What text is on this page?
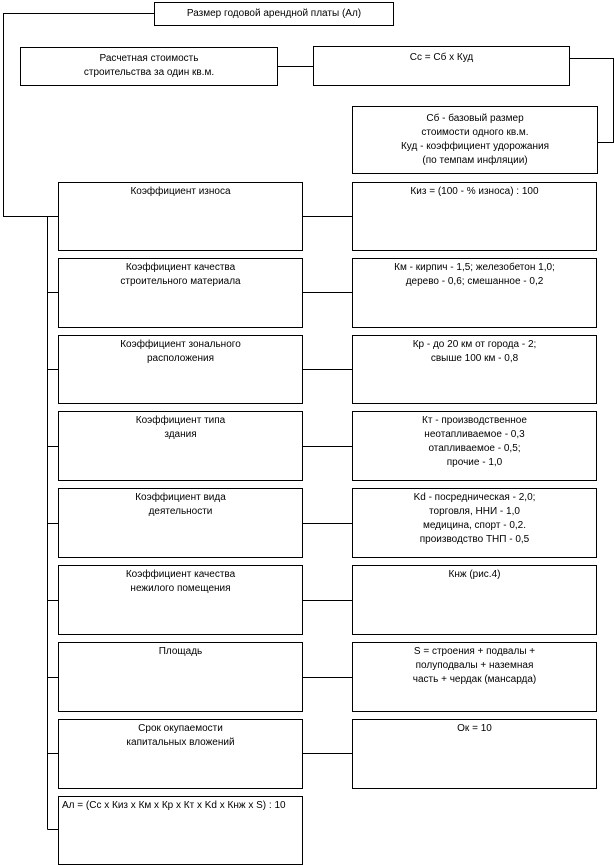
Размер годовой арендной платы (Ал)
Расчетная стоимость
строительства за один кв.м.
Сс = Сб х Куд
Сб - базовый размер
стоимости одного кв.м.
Куд - коэффициент удорожания
(по темпам инфляции)
Коэффициент износа	Киз = (100 - % износа) : 100
Коэффициент качества
строительного материала
Км - кирпич - 1,5; железобетон 1,0;
дерево - 0,6; смешанное - 0,2
Коэффициент зонального
расположения
Кр - до 20 км от города - 2;
свыше 100 км - 0,8
Коэффициент типа
здания
Кт - производственное
неотапливаемое - 0,3
отапливаемое - 0,5;
прочие - 1,0
Коэффициент вида
деятельности
Kd - посредническая - 2,0;
торговля, ННИ - 1,0
медицина, спорт - 0,2.
производство ТНП - 0,5
Коэффициент качества
нежилого помещения
Кнж (рис.4)
Площадь	S = строения + подвалы +
полуподвалы + наземная
часть + чердак (мансарда)
Срок окупаемости
капитальных вложений
Ок = 10
Ал = (Сс х Киз х Км х Кр х Кт х Kd х Кнж х S) : 10
